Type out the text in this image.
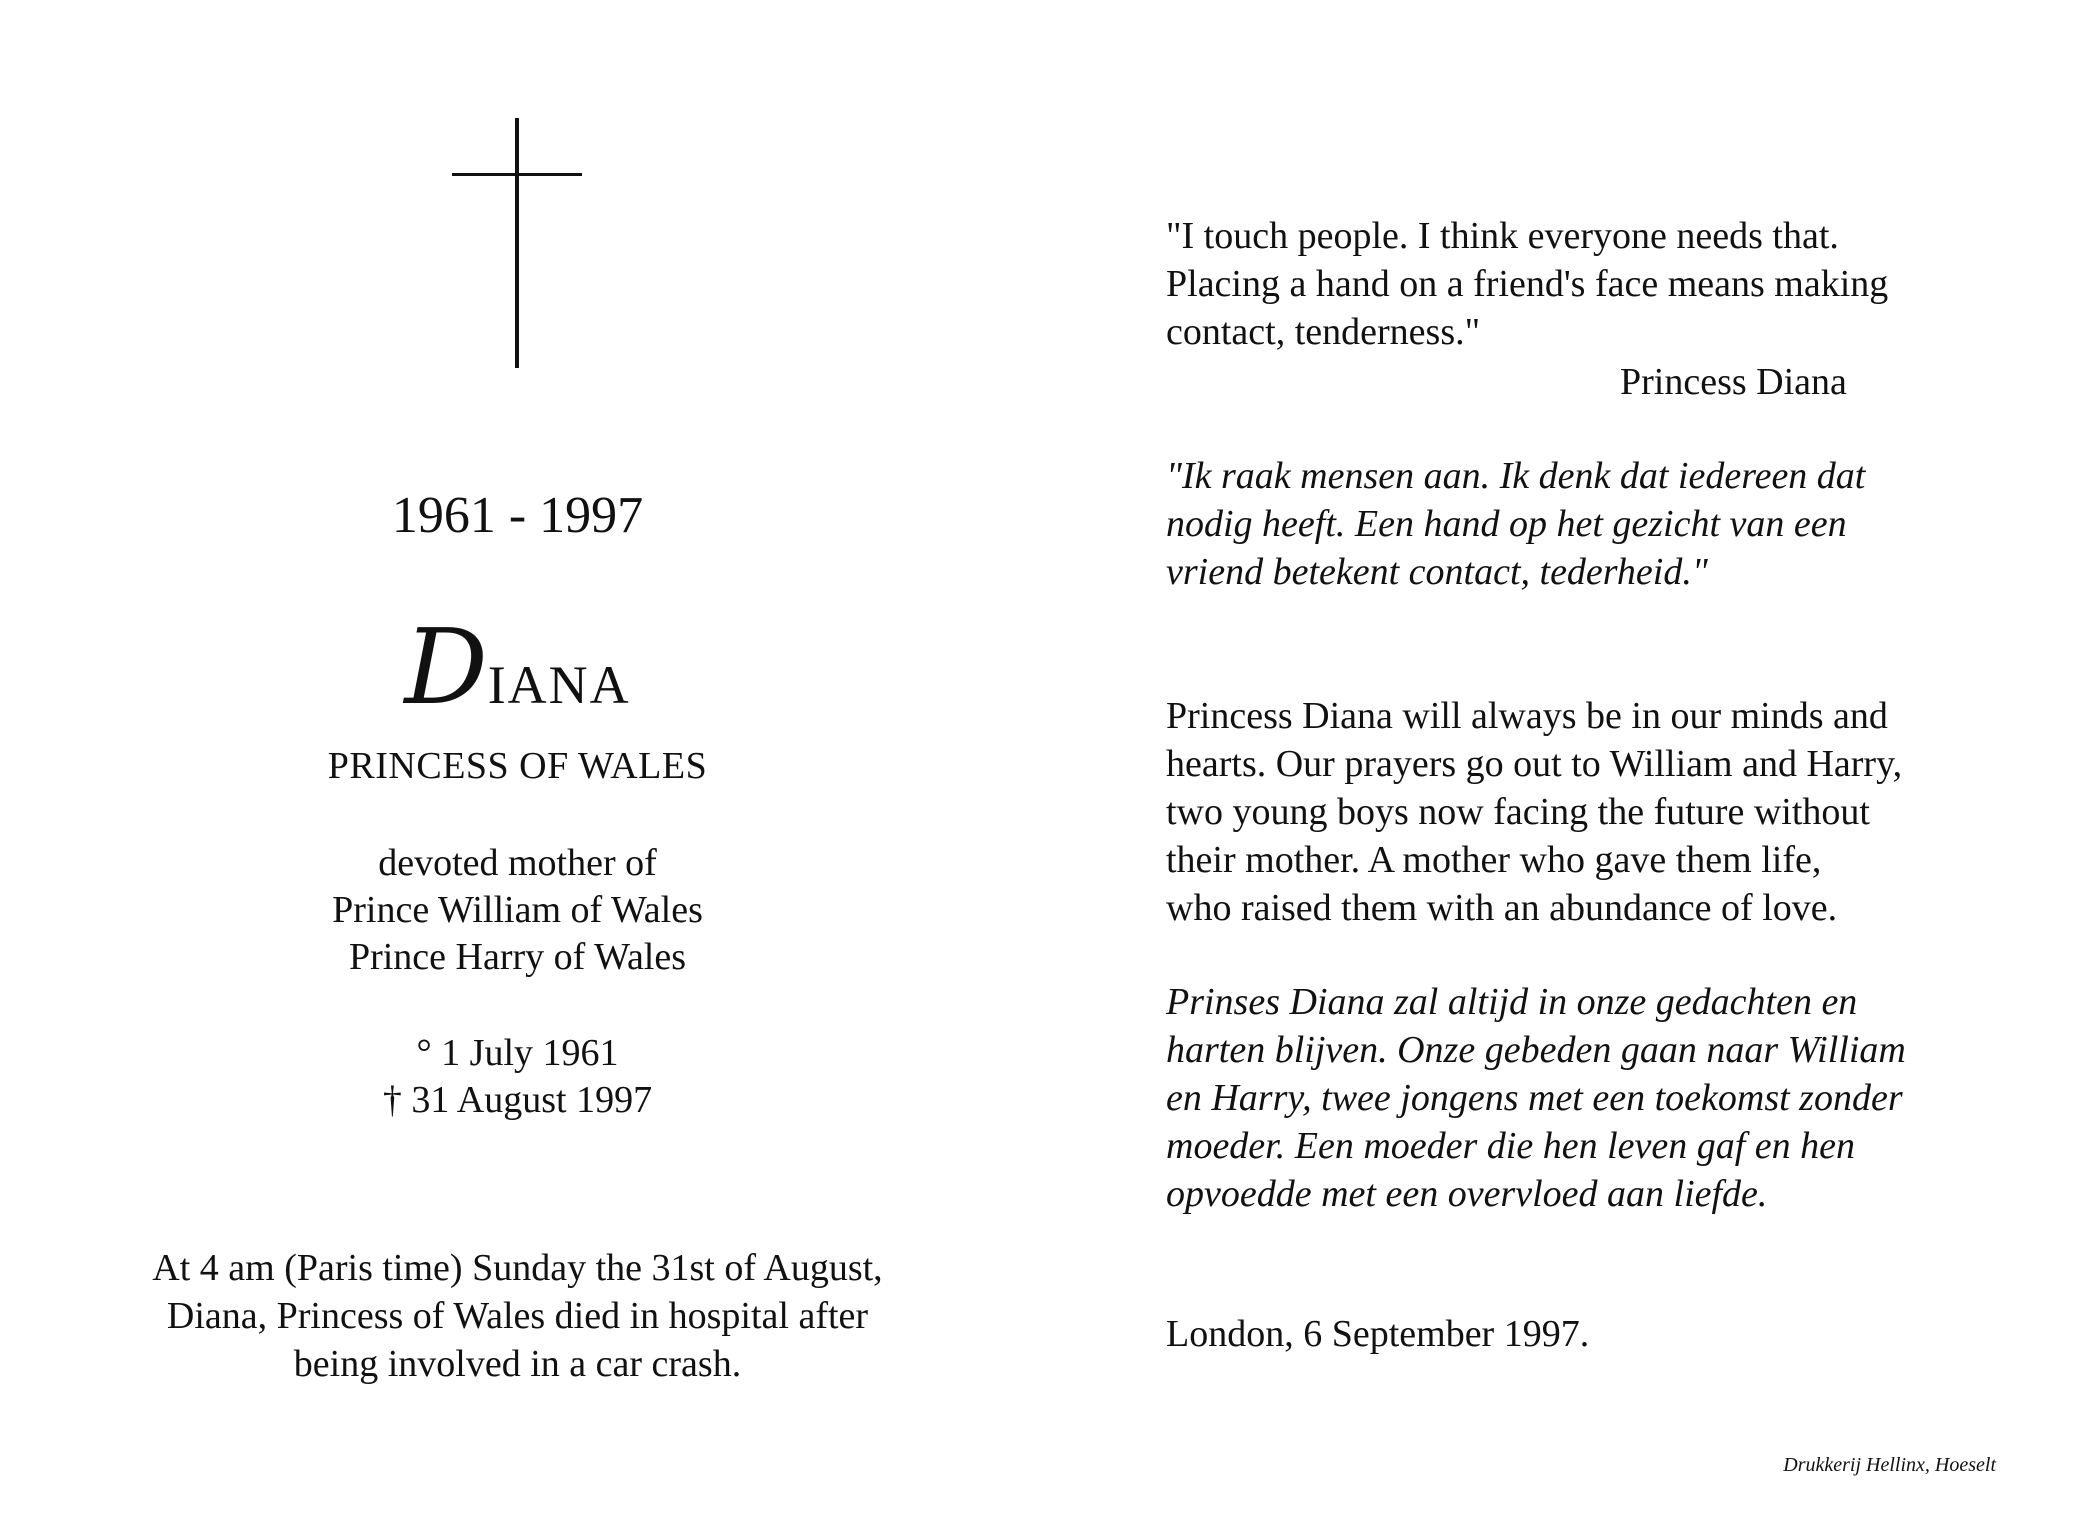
1961 - 1997
DIANA
PRINCESS OF WALES
devoted mother of
Prince William of Wales
Prince Harry of Wales
° 1 July 1961
† 31 August 1997
At 4 am (Paris time) Sunday the 31st of August,
Diana, Princess of Wales died in hospital after
being involved in a car crash.
"I touch people. I think everyone needs that.
Placing a hand on a friend's face means making
contact, tenderness."
Princess Diana
"Ik raak mensen aan. Ik denk dat iedereen dat
nodig heeft. Een hand op het gezicht van een
vriend betekent contact, tederheid."
Princess Diana will always be in our minds and
hearts. Our prayers go out to William and Harry,
two young boys now facing the future without
their mother. A mother who gave them life,
who raised them with an abundance of love.
Prinses Diana zal altijd in onze gedachten en
harten blijven. Onze gebeden gaan naar William
en Harry, twee jongens met een toekomst zonder
moeder. Een moeder die hen leven gaf en hen
opvoedde met een overvloed aan liefde.
London, 6 September 1997.
Drukkerij Hellinx, Hoeselt
